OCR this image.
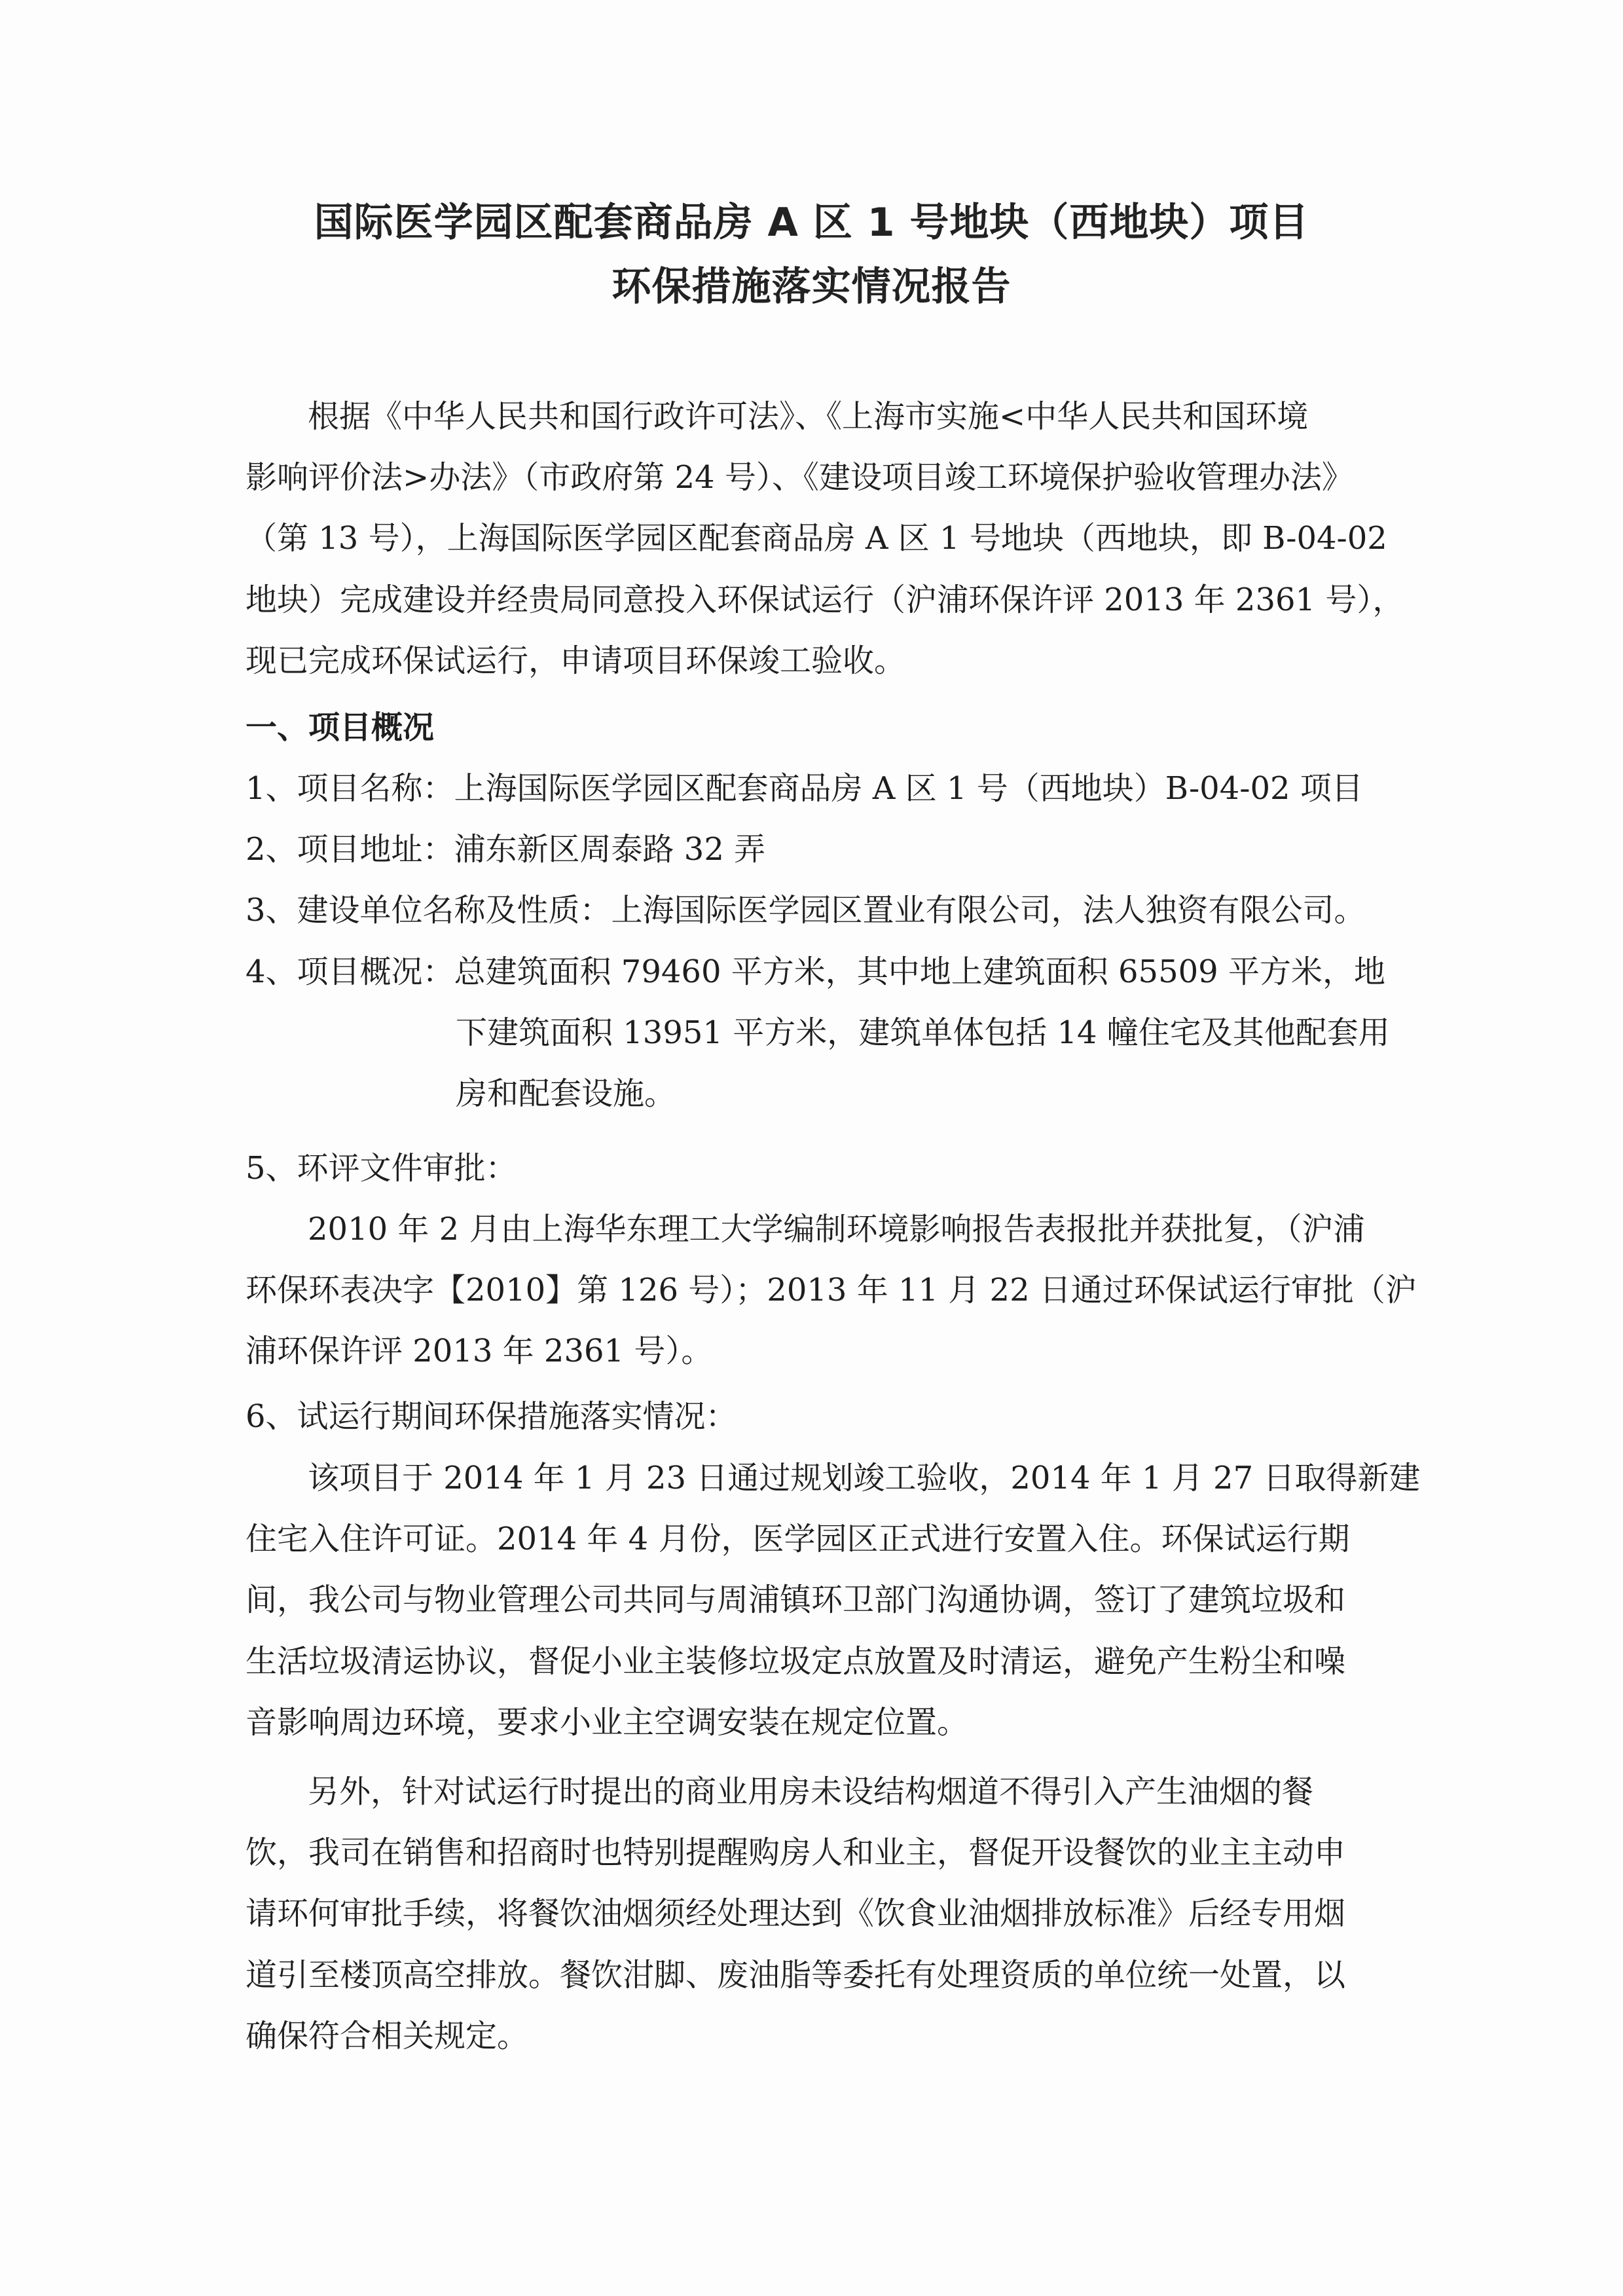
国际医学园区配套商品房 A 区 1 号地块（西地块）项目
环保措施落实情况报告
根据《中华人民共和国行政许可法》、《上海市实施<中华人民共和国环境
影响评价法>办法》（市政府第 24 号）、《建设项目竣工环境保护验收管理办法》
（第 13 号），上海国际医学园区配套商品房 A 区 1 号地块（西地块，即 B-04-02
地块）完成建设并经贵局同意投入环保试运行（沪浦环保许评 2013 年 2361 号），
现已完成环保试运行，申请项目环保竣工验收。
一、项目概况
1、项目名称：上海国际医学园区配套商品房 A 区 1 号（西地块）B-04-02 项目
2、项目地址：浦东新区周泰路 32 弄
3、建设单位名称及性质：上海国际医学园区置业有限公司，法人独资有限公司。
4、项目概况：总建筑面积 79460 平方米，其中地上建筑面积 65509 平方米，地
下建筑面积 13951 平方米，建筑单体包括 14 幢住宅及其他配套用
房和配套设施。
5、环评文件审批：
2010 年 2 月由上海华东理工大学编制环境影响报告表报批并获批复，（沪浦
环保环表决字【2010】第 126 号）；2013 年 11 月 22 日通过环保试运行审批（沪
浦环保许评 2013 年 2361 号）。
6、试运行期间环保措施落实情况：
该项目于 2014 年 1 月 23 日通过规划竣工验收，2014 年 1 月 27 日取得新建
住宅入住许可证。2014 年 4 月份，医学园区正式进行安置入住。环保试运行期
间，我公司与物业管理公司共同与周浦镇环卫部门沟通协调，签订了建筑垃圾和
生活垃圾清运协议，督促小业主装修垃圾定点放置及时清运，避免产生粉尘和噪
音影响周边环境，要求小业主空调安装在规定位置。
另外，针对试运行时提出的商业用房未设结构烟道不得引入产生油烟的餐
饮，我司在销售和招商时也特别提醒购房人和业主，督促开设餐饮的业主主动申
请环何审批手续，将餐饮油烟须经处理达到《饮食业油烟排放标准》后经专用烟
道引至楼顶高空排放。餐饮泔脚、废油脂等委托有处理资质的单位统一处置，以
确保符合相关规定。
